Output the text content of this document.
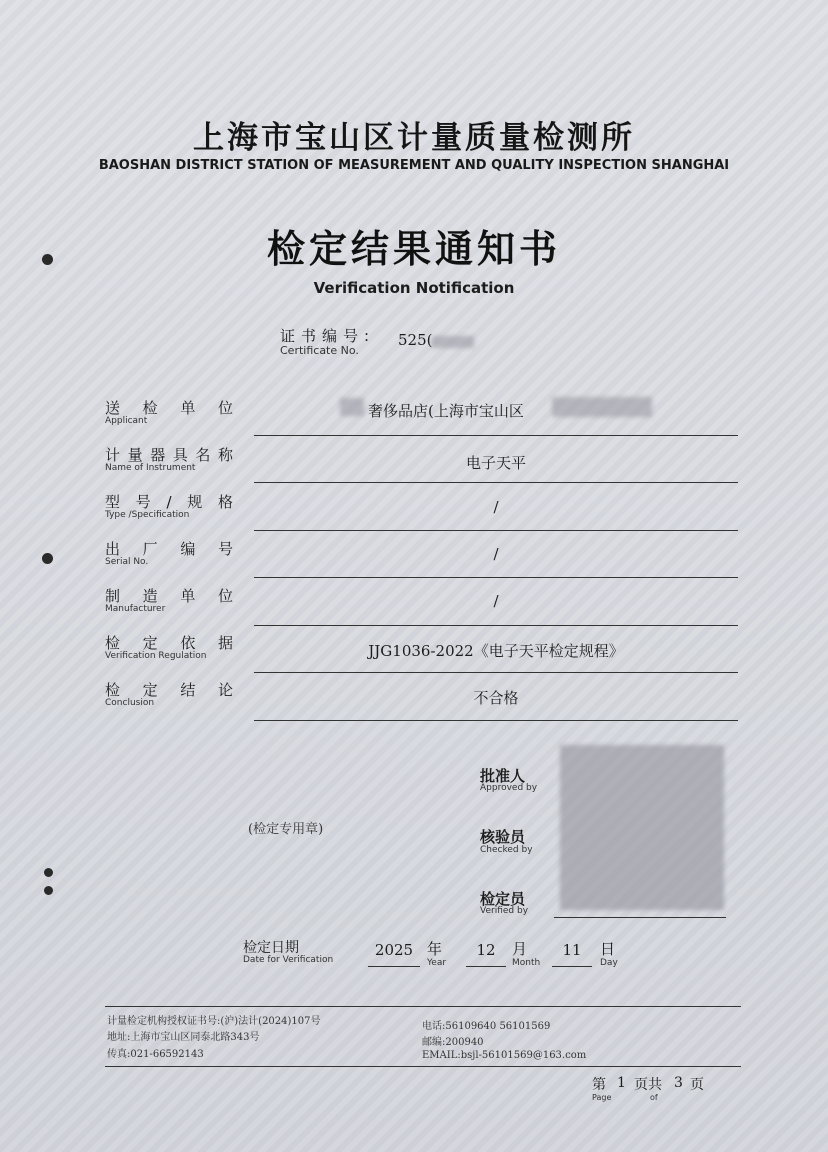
上海市宝山区计量质量检测所
BAOSHAN DISTRICT STATION OF MEASUREMENT AND QUALITY INSPECTION SHANGHAI
检定结果通知书
Verification Notification
证书编号:
Certificate No.
525(
送检单位
Applicant
奢侈品店(上海市宝山区
计量器具名称
Name of Instrument	电子天平
型号/规格
Type /Specification	/
出厂编号
Serial No.	/
制造单位
Manufacturer	/
检定依据
Verification Regulation	JJG1036-2022《电子天平检定规程》
检定结论
Conclusion	不合格
批准人
Approved by
核验员
Checked by
检定员
Verified by
(检定专用章)
检定日期
Date for Verification
2025 年
Year
12	月
Month
11	日
Day
计量检定机构授权证书号:(沪)法计(2024)107号
地址:上海市宝山区同泰北路343号
传真:021-66592143
电话:56109640 56101569
邮编:200940
EMAIL:bsjl-56101569@163.com
第 1 页共 3 页
Page	of
